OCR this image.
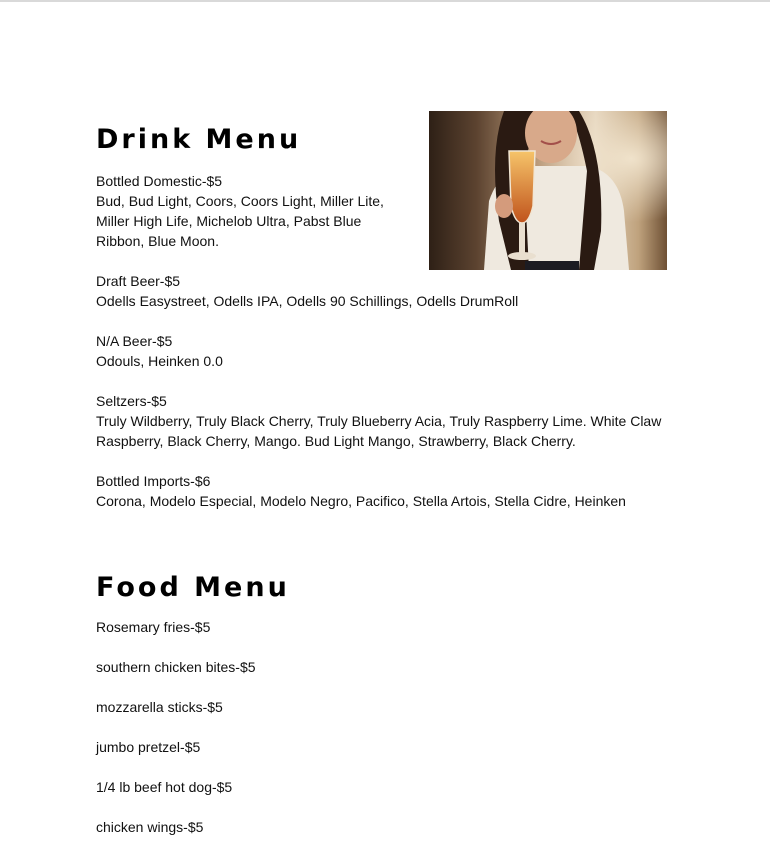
Drink Menu

Bottled Domestic-$5

Bud, Bud Light, Coors, Coors Light, Miller Lite,

Miller High Life, Michelob Ultra, Pabst Blue

Ribbon, Blue Moon.

Draft Beer-$5

Odells Easystreet, Odells IPA, Odells 90 Schillings, Odells DrumRoll

N/A Beer-$5

Odouls, Heinken 0.0

Seltzers-$5

Truly Wildberry, Truly Black Cherry, Truly Blueberry Acia, Truly Raspberry Lime. White Claw

Raspberry, Black Cherry, Mango. Bud Light Mango, Strawberry, Black Cherry.

Bottled Imports-$6

Corona, Modelo Especial, Modelo Negro, Pacifico, Stella Artois, Stella Cidre, Heinken

Food Menu
Rosemary fries-$5
southern chicken bites-$5
mozzarella sticks-$5
jumbo pretzel-$5
1/4 lb beef hot dog-$5
chicken wings-$5
